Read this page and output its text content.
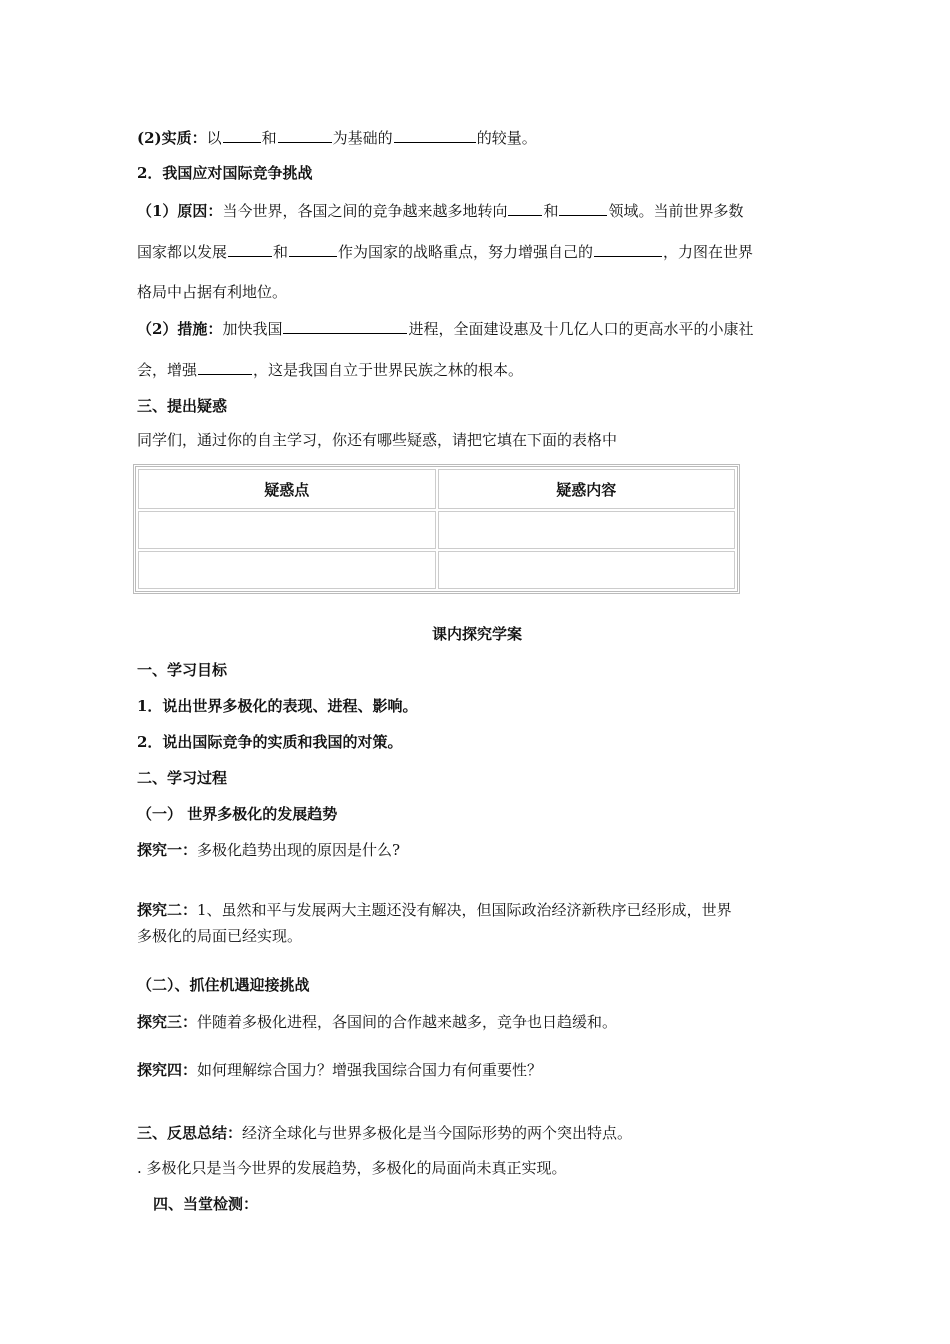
(2)实质：以	和	为基础的	的较量。
2．我国应对国际竞争挑战
（1）原因：当今世界，各国之间的竞争越来越多地转向 和	领域。当前世界多数
国家都以发展	和	作为国家的战略重点，努力增强自己的	，力图在世界
格局中占据有利地位。
（2）措施：加快我国	进程，全面建设惠及十几亿人口的更高水平的小康社
会，增强	，这是我国自立于世界民族之林的根本。
三、提出疑惑
同学们，通过你的自主学习，你还有哪些疑惑，请把它填在下面的表格中
疑惑点	疑惑内容

课内探究学案
一、学习目标
1．说出世界多极化的表现、进程、影响。
2．说出国际竞争的实质和我国的对策。
二、学习过程
（一） 世界多极化的发展趋势
探究一：多极化趋势出现的原因是什么?
探究二：1、虽然和平与发展两大主题还没有解决，但国际政治经济新秩序已经形成，世界
多极化的局面已经实现。
（二）、抓住机遇迎接挑战
探究三：伴随着多极化进程，各国间的合作越来越多，竞争也日趋缓和。
探究四：如何理解综合国力？增强我国综合国力有何重要性？
三、反思总结：经济全球化与世界多极化是当今国际形势的两个突出特点。
. 多极化只是当今世界的发展趋势，多极化的局面尚未真正实现。
四、当堂检测：
